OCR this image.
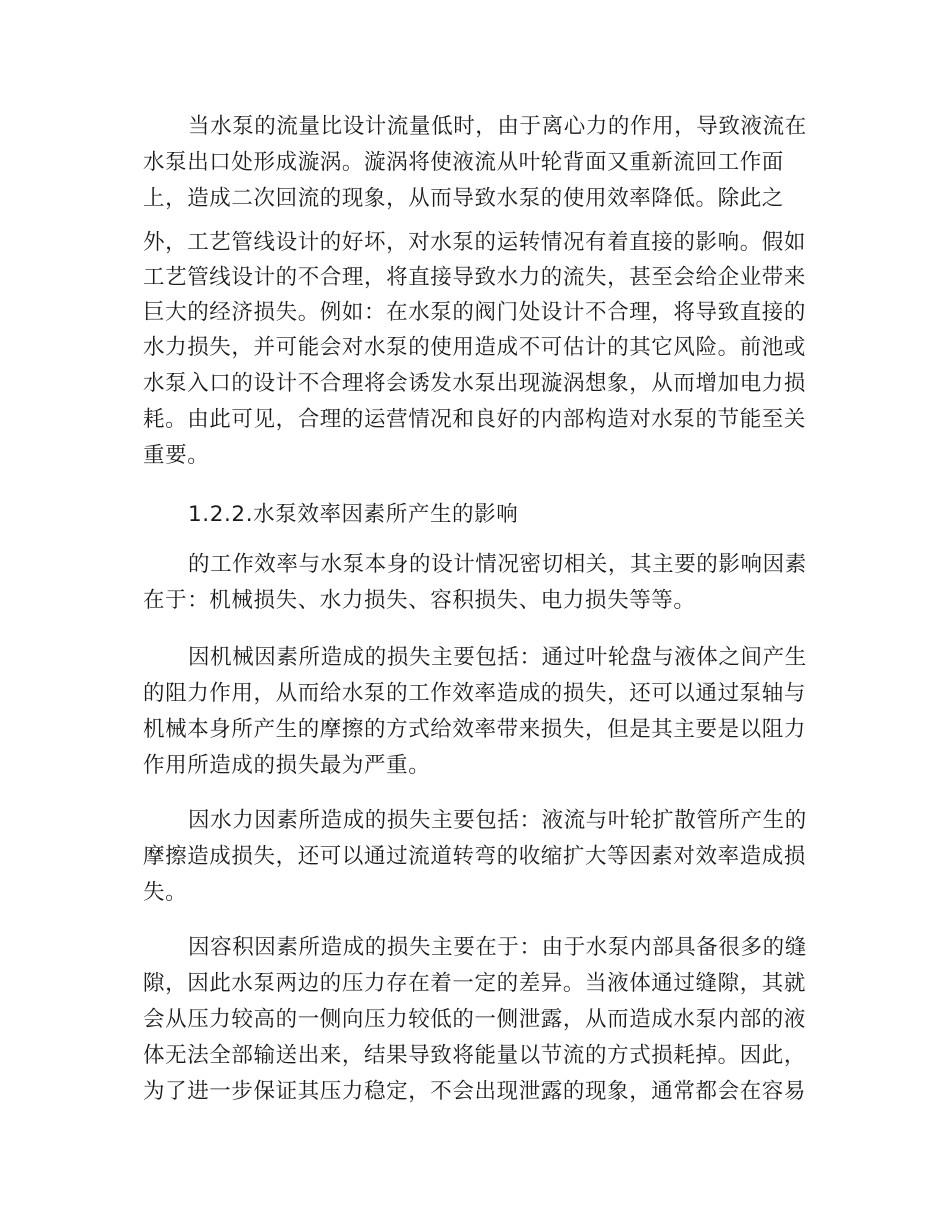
当水泵的流量比设计流量低时，由于离心力的作用，导致液流在
水泵出口处形成漩涡。漩涡将使液流从叶轮背面又重新流回工作面
上，造成二次回流的现象，从而导致水泵的使用效率降低。除此之
外，工艺管线设计的好坏，对水泵的运转情况有着直接的影响。假如
工艺管线设计的不合理，将直接导致水力的流失，甚至会给企业带来
巨大的经济损失。例如：在水泵的阀门处设计不合理，将导致直接的
水力损失，并可能会对水泵的使用造成不可估计的其它风险。前池或
水泵入口的设计不合理将会诱发水泵出现漩涡想象，从而增加电力损
耗。由此可见，合理的运营情况和良好的内部构造对水泵的节能至关
重要。
1.2.2.水泵效率因素所产生的影响
的工作效率与水泵本身的设计情况密切相关，其主要的影响因素
在于：机械损失、水力损失、容积损失、电力损失等等。
因机械因素所造成的损失主要包括：通过叶轮盘与液体之间产生
的阻力作用，从而给水泵的工作效率造成的损失，还可以通过泵轴与
机械本身所产生的摩擦的方式给效率带来损失，但是其主要是以阻力
作用所造成的损失最为严重。
因水力因素所造成的损失主要包括：液流与叶轮扩散管所产生的
摩擦造成损失，还可以通过流道转弯的收缩扩大等因素对效率造成损
失。
因容积因素所造成的损失主要在于：由于水泵内部具备很多的缝
隙，因此水泵两边的压力存在着一定的差异。当液体通过缝隙，其就
会从压力较高的一侧向压力较低的一侧泄露，从而造成水泵内部的液
体无法全部输送出来，结果导致将能量以节流的方式损耗掉。因此，
为了进一步保证其压力稳定，不会出现泄露的现象，通常都会在容易
